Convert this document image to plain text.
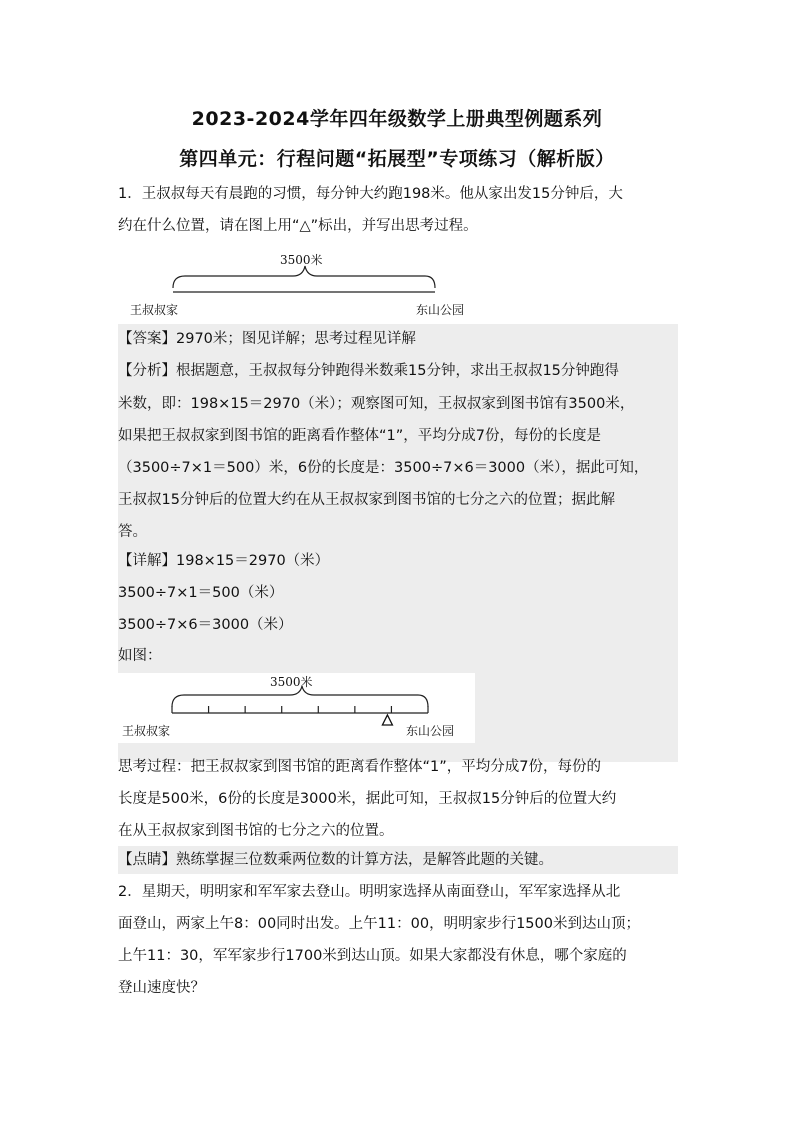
2023-2024学年四年级数学上册典型例题系列
第四单元：行程问题“拓展型”专项练习（解析版）
1．王叔叔每天有晨跑的习惯，每分钟大约跑198米。他从家出发15分钟后，大
约在什么位置，请在图上用“△”标出，并写出思考过程。
3500米
王叔叔家	东山公园
【答案】2970米；图见详解；思考过程见详解
【分析】根据题意，王叔叔每分钟跑得米数乘15分钟，求出王叔叔15分钟跑得
米数，即：198×15＝2970（米）；观察图可知，王叔叔家到图书馆有3500米，
如果把王叔叔家到图书馆的距离看作整体“1”，平均分成7份，每份的长度是
（3500÷7×1＝500）米，6份的长度是：3500÷7×6＝3000（米），据此可知，
王叔叔15分钟后的位置大约在从王叔叔家到图书馆的七分之六的位置；据此解
答。
【详解】198×15＝2970（米）
3500÷7×1＝500（米）
3500÷7×6＝3000（米）
如图：
3500米
王叔叔家	东山公园
思考过程：把王叔叔家到图书馆的距离看作整体“1”，平均分成7份，每份的
长度是500米，6份的长度是3000米，据此可知，王叔叔15分钟后的位置大约
在从王叔叔家到图书馆的七分之六的位置。
【点睛】熟练掌握三位数乘两位数的计算方法，是解答此题的关键。
2．星期天，明明家和军军家去登山。明明家选择从南面登山，军军家选择从北
面登山，两家上午8：00同时出发。上午11：00，明明家步行1500米到达山顶；
上午11：30，军军家步行1700米到达山顶。如果大家都没有休息，哪个家庭的
登山速度快？
